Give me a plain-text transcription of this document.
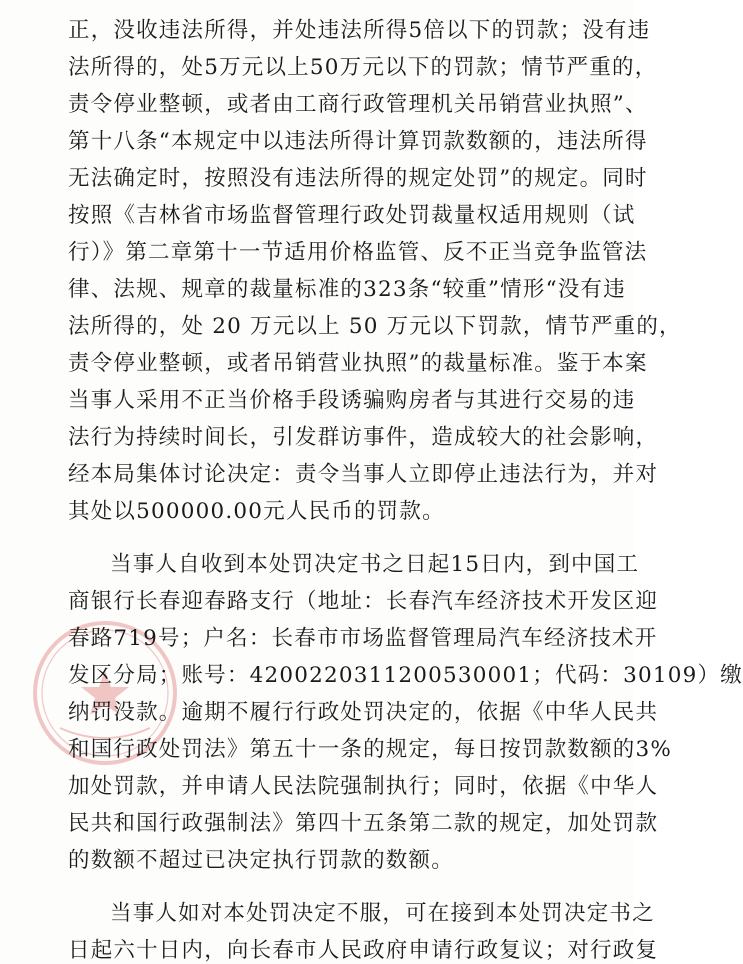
正，没收违法所得，并处违法所得5倍以下的罚款；没有违
法所得的，处5万元以上50万元以下的罚款；情节严重的，
责令停业整顿，或者由工商行政管理机关吊销营业执照”、
第十八条“本规定中以违法所得计算罚款数额的，违法所得
无法确定时，按照没有违法所得的规定处罚”的规定。同时
按照《吉林省市场监督管理行政处罚裁量权适用规则（试
行）》第二章第十一节适用价格监管、反不正当竞争监管法
律、法规、规章的裁量标准的323条“较重”情形“没有违
法所得的，处 20 万元以上 50 万元以下罚款，情节严重的，
责令停业整顿，或者吊销营业执照”的裁量标准。鉴于本案
当事人采用不正当价格手段诱骗购房者与其进行交易的违
法行为持续时间长，引发群访事件，造成较大的社会影响，
经本局集体讨论决定：责令当事人立即停止违法行为，并对
其处以500000.00元人民币的罚款。
当事人自收到本处罚决定书之日起15日内，到中国工
商银行长春迎春路支行（地址：长春汽车经济技术开发区迎
春路719号；户名：长春市市场监督管理局汽车经济技术开
发区分局；账号：4200220311200530001；代码：30109）缴
纳罚没款。逾期不履行行政处罚决定的，依据《中华人民共
和国行政处罚法》第五十一条的规定，每日按罚款数额的3%
加处罚款，并申请人民法院强制执行；同时，依据《中华人
民共和国行政强制法》第四十五条第二款的规定，加处罚款
的数额不超过已决定执行罚款的数额。
当事人如对本处罚决定不服，可在接到本处罚决定书之
日起六十日内，向长春市人民政府申请行政复议；对行政复
